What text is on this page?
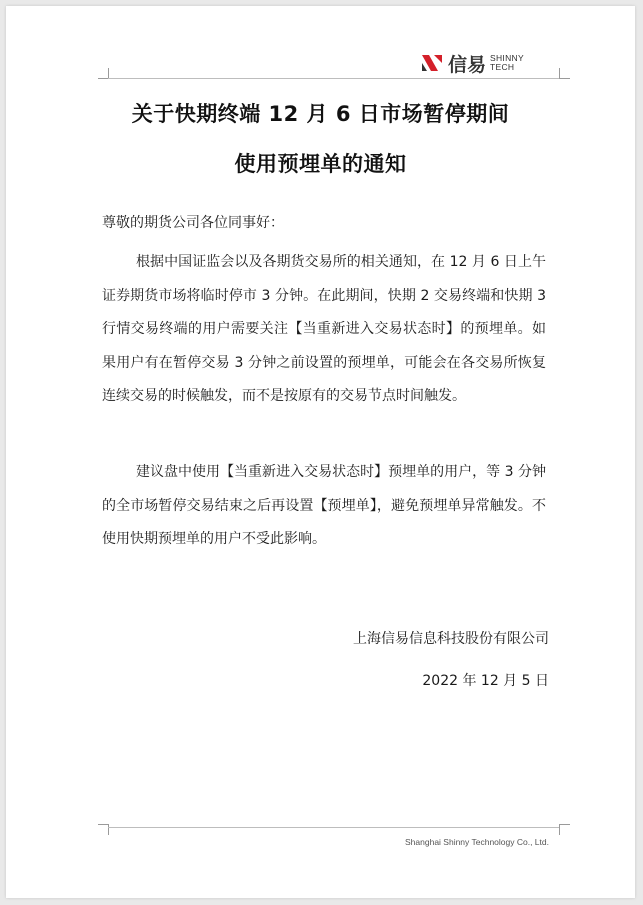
信易 SHINNY
TECH
关于快期终端 12 月 6 日市场暂停期间
使用预埋单的通知
尊敬的期货公司各位同事好：
根据中国证监会以及各期货交易所的相关通知，在 12 月 6 日上午证券期货市场将临时停市 3 分钟。在此期间，快期 2 交易终端和快期 3 行情交易终端的用户需要关注【当重新进入交易状态时】的预埋单。如果用户有在暂停交易 3 分钟之前设置的预埋单，可能会在各交易所恢复连续交易的时候触发，而不是按原有的交易节点时间触发。
建议盘中使用【当重新进入交易状态时】预埋单的用户，等 3 分钟的全市场暂停交易结束之后再设置【预埋单】，避免预埋单异常触发。不使用快期预埋单的用户不受此影响。
上海信易信息科技股份有限公司
2022 年 12 月 5 日
Shanghai Shinny Technology Co., Ltd.
